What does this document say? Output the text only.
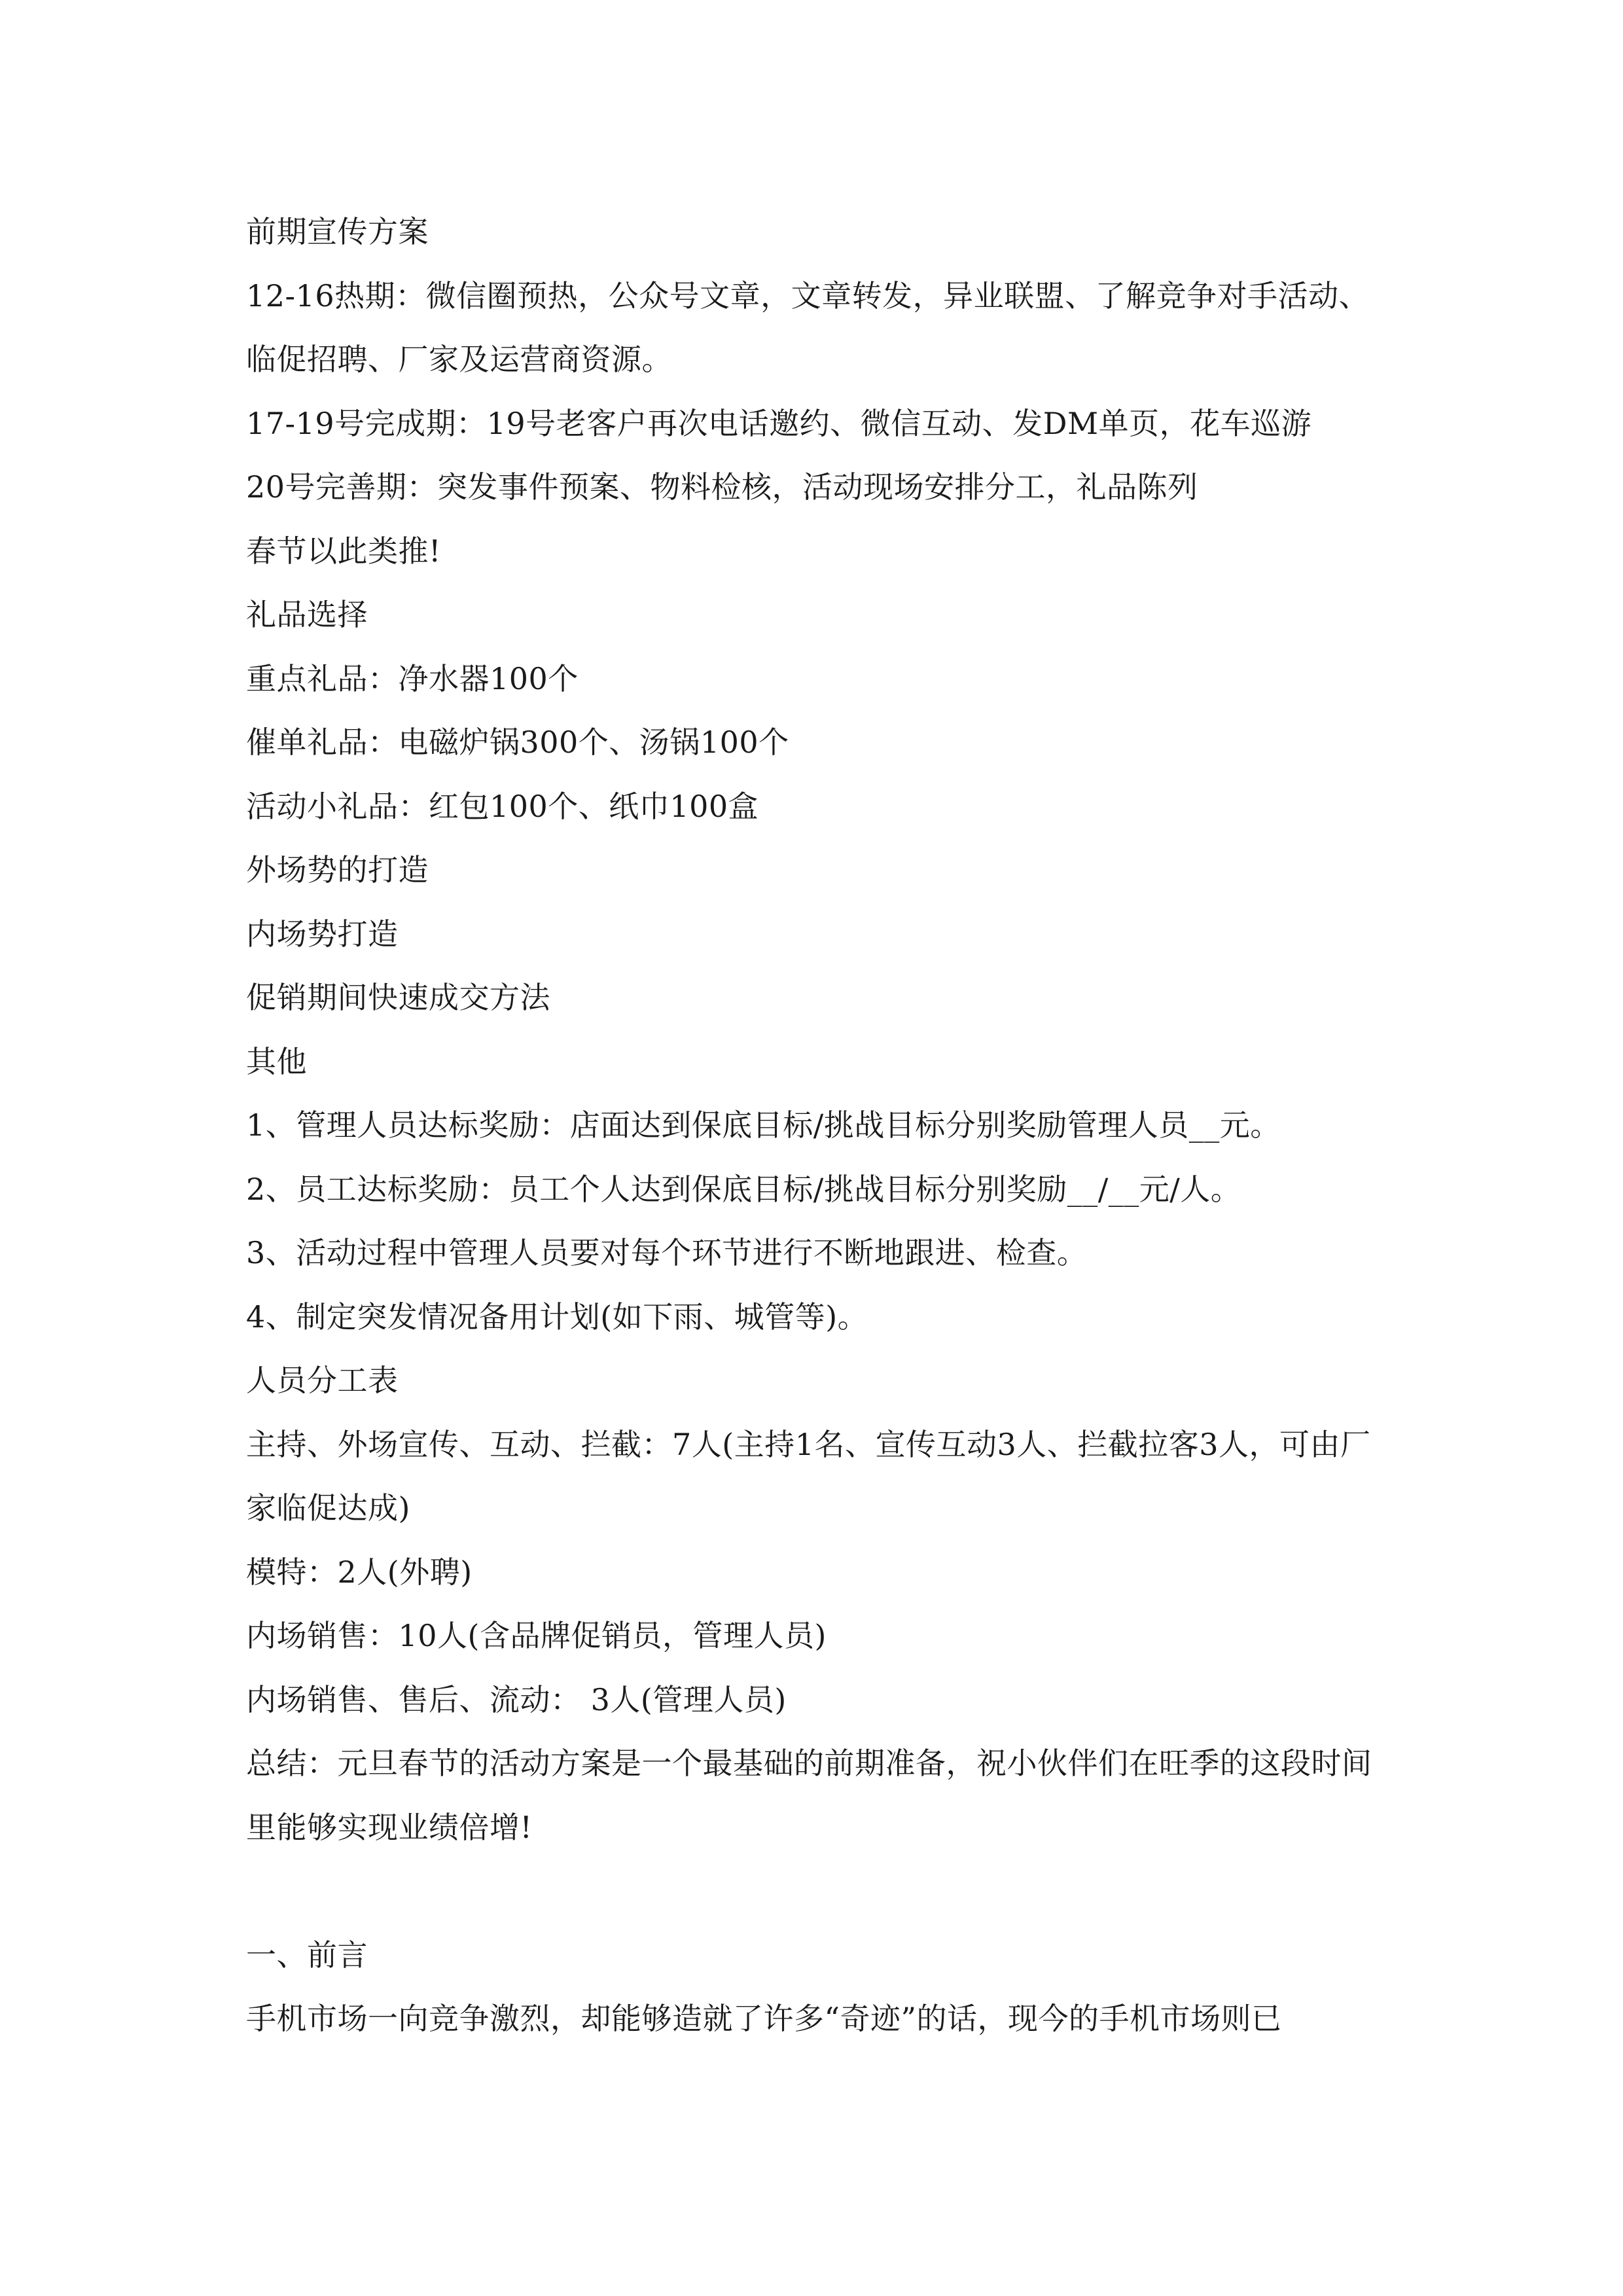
前期宣传方案
12-16热期：微信圈预热，公众号文章，文章转发，异业联盟、了解竞争对手活动、临促招聘、厂家及运营商资源。
17-19号完成期：19号老客户再次电话邀约、微信互动、发DM单页，花车巡游
20号完善期：突发事件预案、物料检核，活动现场安排分工，礼品陈列
春节以此类推!
礼品选择
重点礼品：净水器100个
催单礼品：电磁炉锅300个、汤锅100个
活动小礼品：红包100个、纸巾100盒
外场势的打造
内场势打造
促销期间快速成交方法
其他
1、管理人员达标奖励：店面达到保底目标/挑战目标分别奖励管理人员__元。
2、员工达标奖励：员工个人达到保底目标/挑战目标分别奖励__/__元/人。
3、活动过程中管理人员要对每个环节进行不断地跟进、检查。
4、制定突发情况备用计划(如下雨、城管等)。
人员分工表
主持、外场宣传、互动、拦截：7人(主持1名、宣传互动3人、拦截拉客3人，可由厂家临促达成)
模特：2人(外聘)
内场销售：10人(含品牌促销员，管理人员)
内场销售、售后、流动： 3人(管理人员)
总结：元旦春节的活动方案是一个最基础的前期准备，祝小伙伴们在旺季的这段时间里能够实现业绩倍增!
一、前言
手机市场一向竞争激烈，却能够造就了许多“奇迹”的话，现今的手机市场则已
